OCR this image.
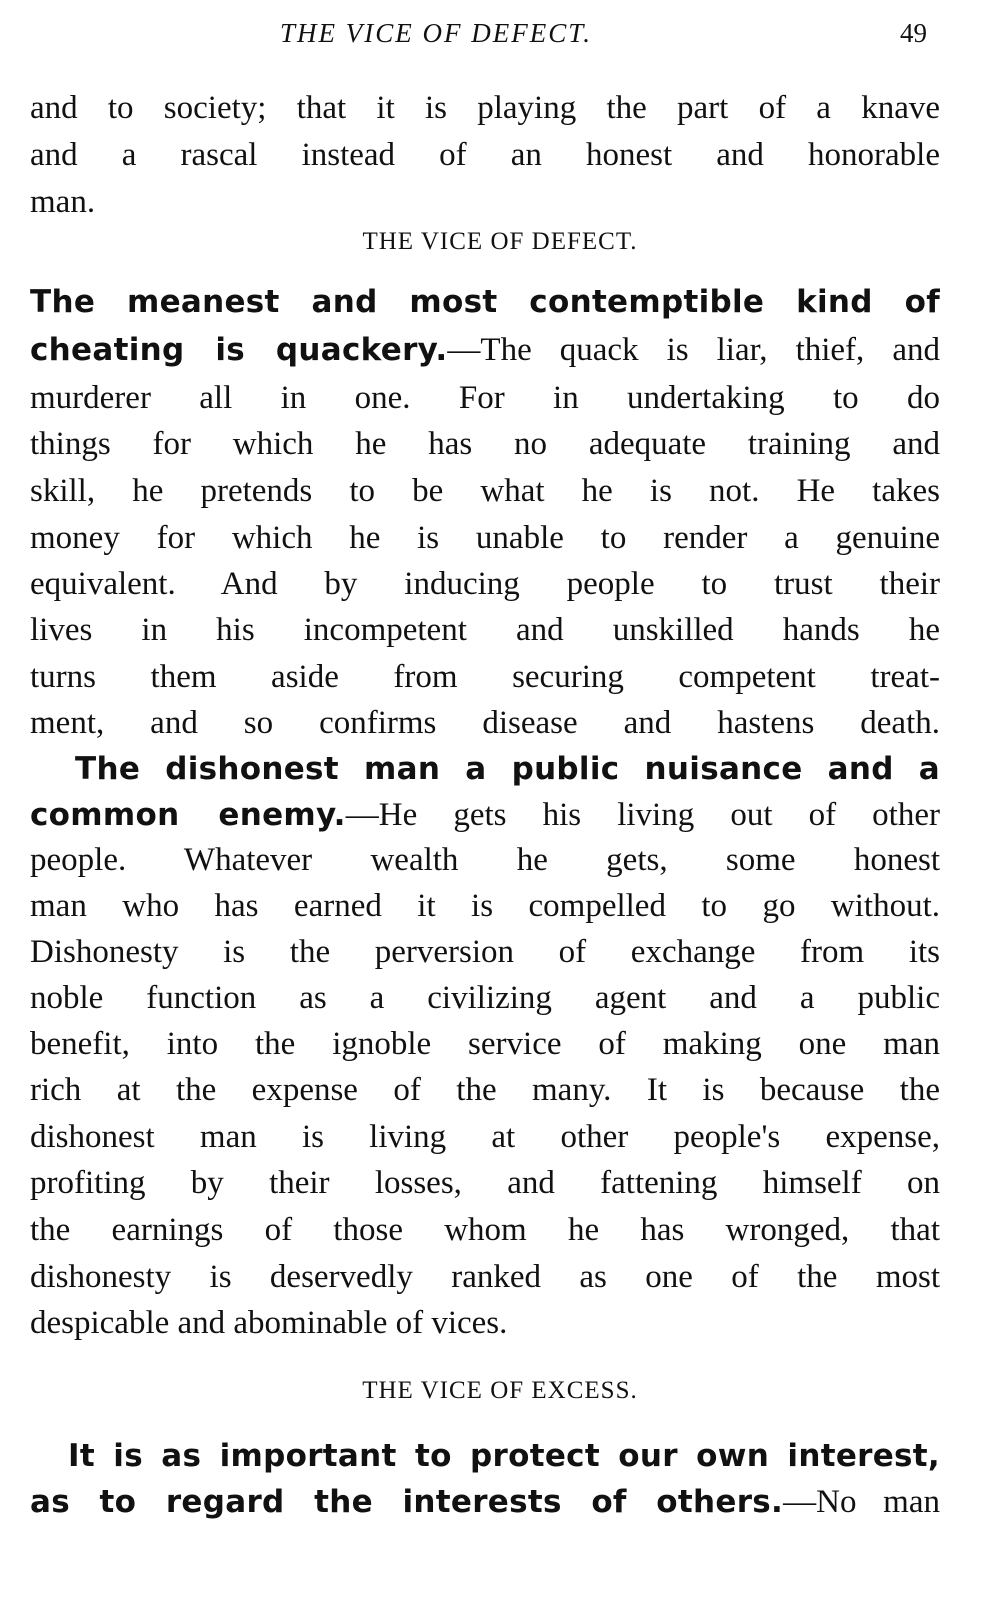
THE VICE OF DEFECT.	49
and to society; that it is playing the part of a knave
and a rascal instead of an honest and honorable
man.
THE VICE OF DEFECT.
The meanest and most contemptible kind of
cheating is quackery.—The quack is liar, thief, and
murderer all in one. For in undertaking to do
things for which he has no adequate training and
skill, he pretends to be what he is not. He takes
money for which he is unable to render a genuine
equivalent. And by inducing people to trust their
lives in his incompetent and unskilled hands he
turns them aside from securing competent treat-
ment, and so confirms disease and hastens death.
The dishonest man a public nuisance and a
common enemy.—He gets his living out of other
people. Whatever wealth he gets, some honest
man who has earned it is compelled to go without.
Dishonesty is the perversion of exchange from its
noble function as a civilizing agent and a public
benefit, into the ignoble service of making one man
rich at the expense of the many. It is because the
dishonest man is living at other people's expense,
profiting by their losses, and fattening himself on
the earnings of those whom he has wronged, that
dishonesty is deservedly ranked as one of the most
despicable and abominable of vices.
THE VICE OF EXCESS.
It is as important to protect our own interest,
as to regard the interests of others.—No man
